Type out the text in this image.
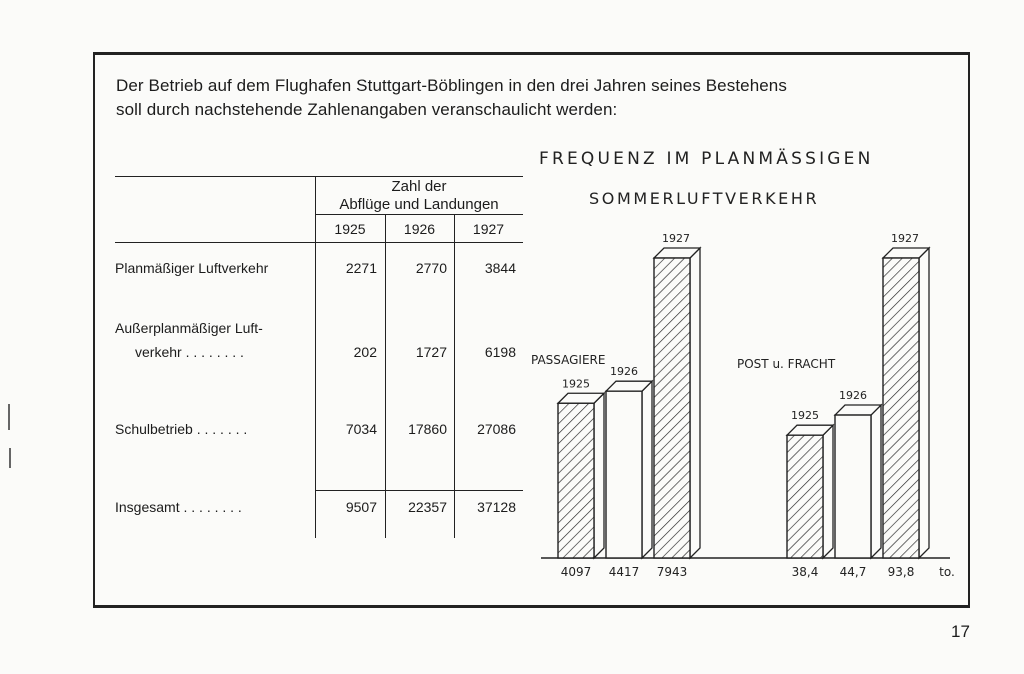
Der Betrieb auf dem Flughafen Stuttgart-Böblingen in den drei Jahren seines Bestehens
soll durch nachstehende Zahlenangaben veranschaulicht werden:
Zahl der
Abflüge und Landungen
1925	1926	1927
Planmäßiger Luftverkehr	2271	2770	3844
Außerplanmäßiger Luft-
verkehr . . . . . . . .	202	1727	6198
Schulbetrieb . . . . . . .	7034	17860	27086
Insgesamt . . . . . . . .	9507	22357	37128
FREQUENZ IM PLANMÄSSIGEN
SOMMERLUFTVERKEHR
1925
4097
1926
4417
1927
7943
PASSAGIERE
1925
38,4
1926
44,7
1927
93,8
POST u. FRACHT
to.
17
